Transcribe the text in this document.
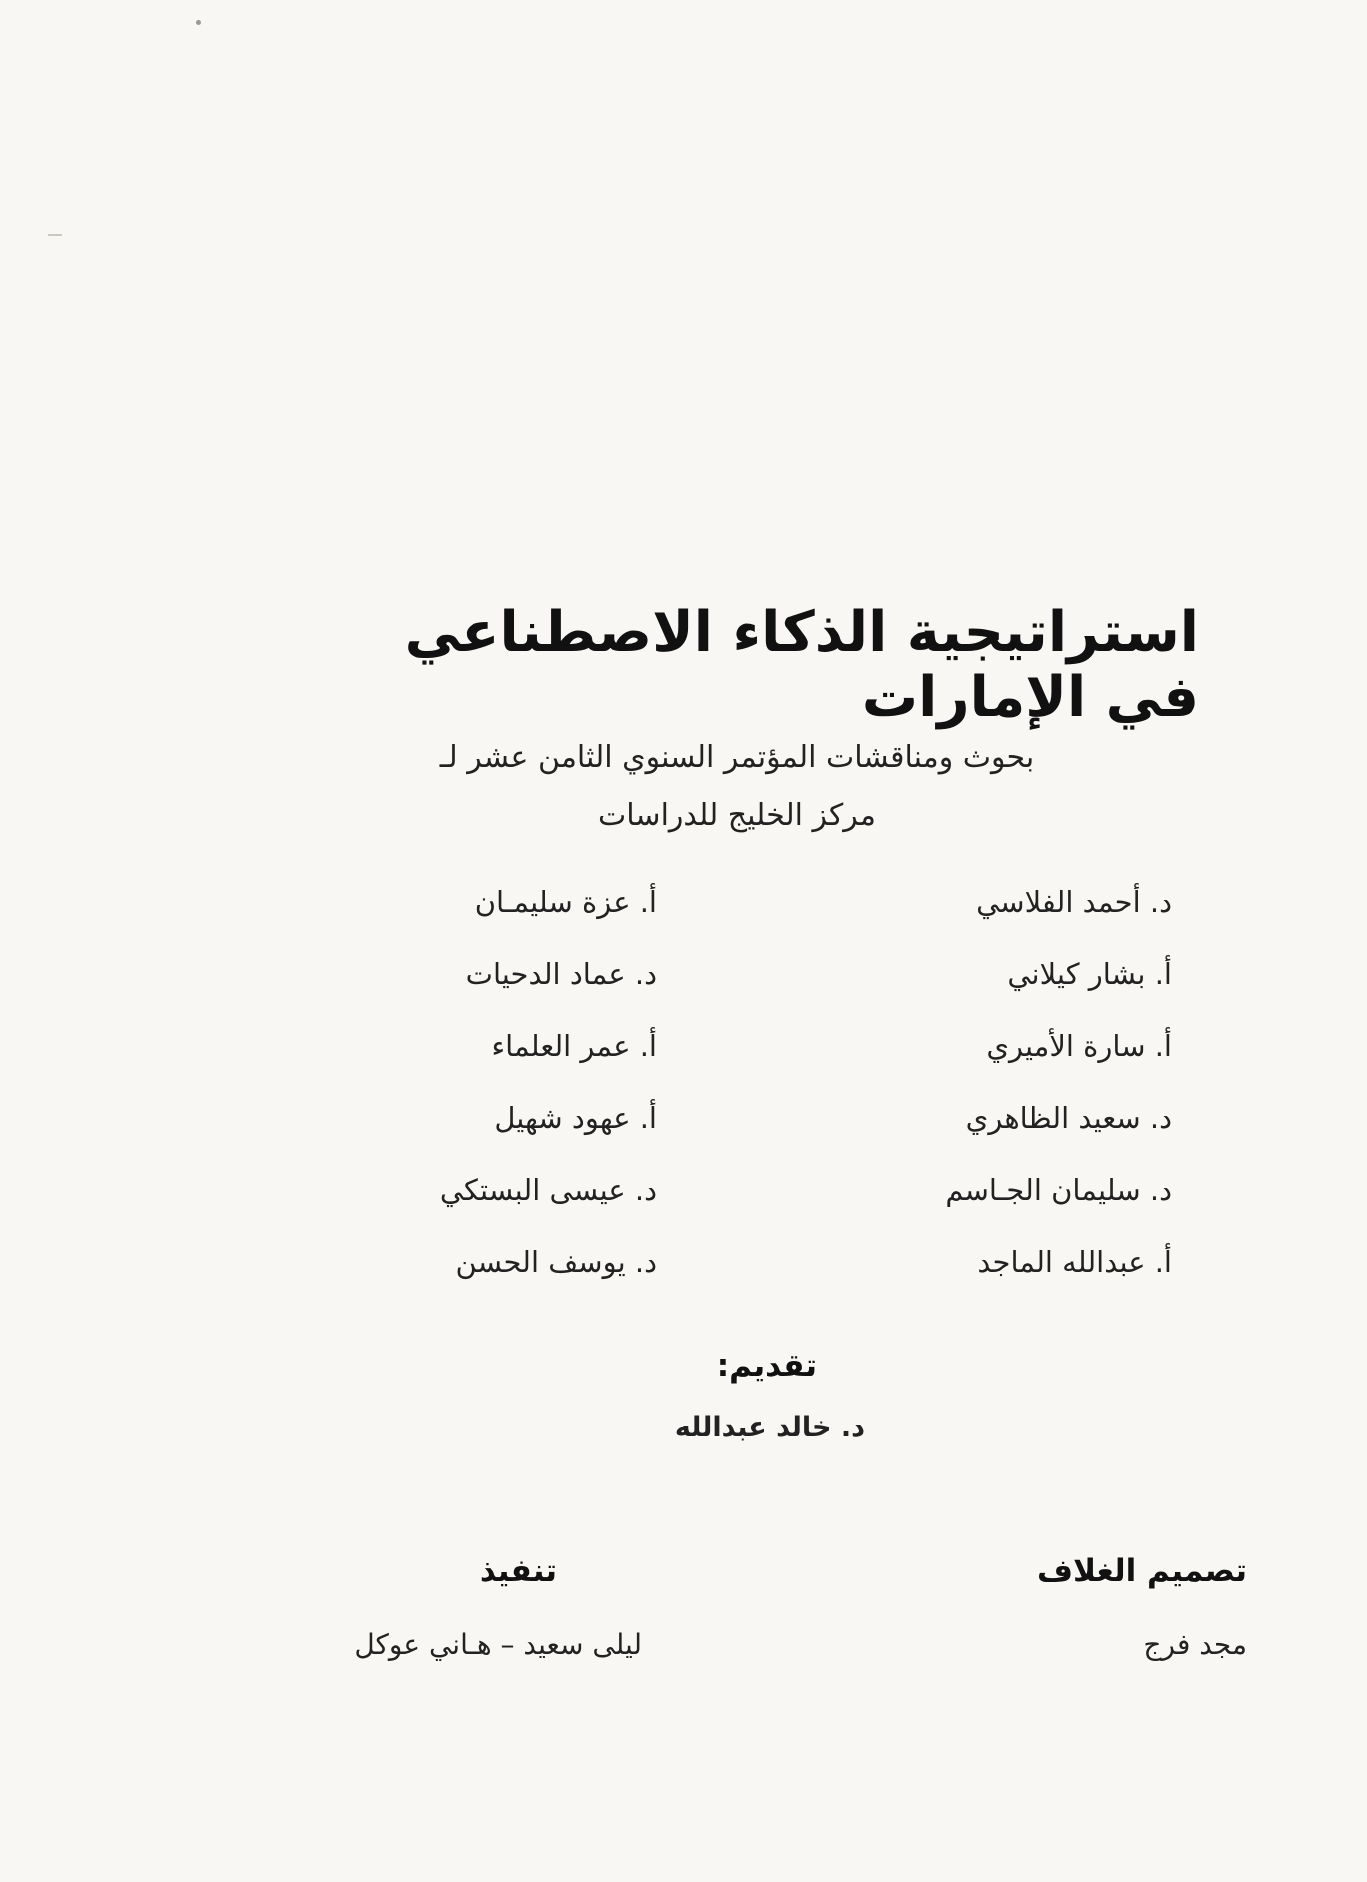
استراتيجية الذكاء الاصطناعي في الإمارات
بحوث ومناقشات المؤتمر السنوي الثامن عشر لـ
مركز الخليج للدراسات
د. أحمد الفلاسي
أ. بشار كيلاني
أ. سارة الأميري
د. سعيد الظاهري
د. سليمان الجـاسم
أ. عبدالله الماجد
أ. عزة سليمـان
د. عماد الدحيات
أ. عمر العلماء
أ. عهود شهيل
د. عيسى البستكي
د. يوسف الحسن
تقديم:
د. خالد عبدالله
تصميم الغلاف
مجد فرج
تنفيذ
ليلى سعيد – هـاني عوكل
